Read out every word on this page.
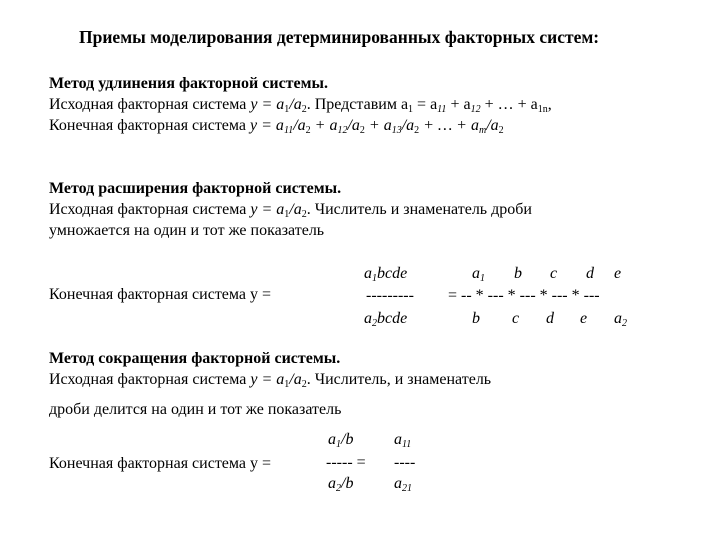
Приемы моделирования детерминированных факторных систем:
Метод удлинения факторной системы.
Исходная факторная система $y = a_1/a_2$. Представим $a_1 = a_{11} + a_{12}$ + … + $a_{1n}$,
Конечная факторная система $y = a_{11}/a_2 + a_{12}/a_2 + a_{13}/a_2$ + … + $a_m/a_2$
Метод расширения факторной системы.
Исходная факторная система $y = a_1/a_2$. Числитель и знаменатель дроби
умножается на один и тот же показатель
Конечная факторная система y =
$a_1bcde$
---------
$a_2bcde$
$a_1$ b c d e
= -- * --- * --- * --- * ---
b c d e $a_2$
Метод сокращения факторной системы.
Исходная факторная система $y = a_1/a_2$. Числитель, и знаменатель
дроби делится на один и тот же показатель
Конечная факторная система y =
$a_1/b$
----- =
$a_2/b$
$a_{11}$
----
$a_{21}$
